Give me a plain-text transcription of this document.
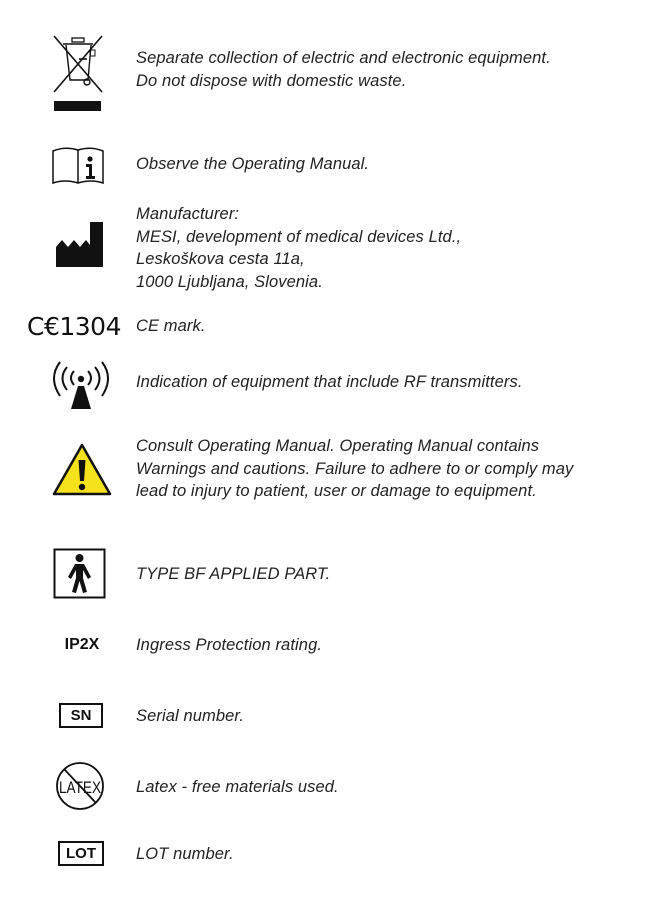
Separate collection of electric and electronic equipment.
Do not dispose with domestic waste.
Observe the Operating Manual.
Manufacturer:
MESI, development of medical devices Ltd.,
Leskoškova cesta 11a,
1000 Ljubljana, Slovenia.
C€1304 CE mark.
Indication of equipment that include RF transmitters.
Consult Operating Manual. Operating Manual contains
Warnings and cautions. Failure to adhere to or comply may
lead to injury to patient, user or damage to equipment.
TYPE BF APPLIED PART.
IP2X Ingress Protection rating.
SN	Serial number.
LATEX Latex - free materials used.
LOT	LOT number.
